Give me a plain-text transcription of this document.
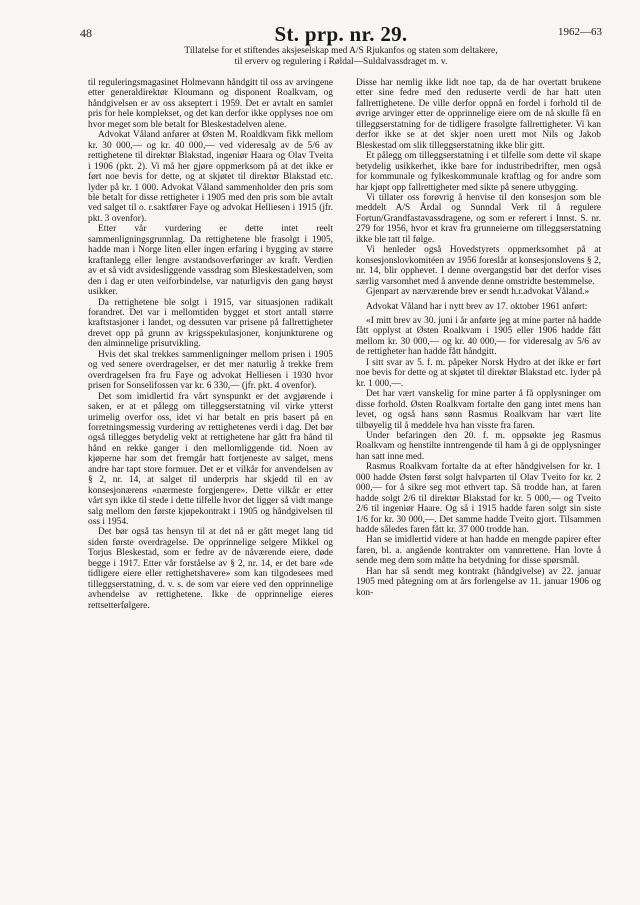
48	St. prp. nr. 29.	1962—63
Tillatelse for et stiftendes aksjeselskap med A/S Rjukanfos og staten som deltakere,
til erverv og regulering i Røldal—Suldalvassdraget m. v.

til reguleringsmagasinet Holmevann håndgitt til oss av arvingene etter generaldirektør Kloumann og disponent Roalkvam, og håndgivelsen er av oss akseptert i 1959. Det er avtalt en samlet pris for hele komplekset, og det kan derfor ikke opplyses noe om hvor meget som ble betalt for Bleskestadelven alene.

Advokat Våland anfører at Østen M. Roaldkvam fikk mellom kr. 30 000,— og kr. 40 000,— ved videresalg av de 5/6 av rettighetene til direktør Blakstad, ingeniør Haara og Olav Tveita i 1906 (pkt. 2). Vi må her gjøre oppmerksom på at det ikke er ført noe bevis for dette, og at skjøtet til direktør Blakstad etc. lyder på kr. 1 000. Advokat Våland sammenholder den pris som ble betalt for disse rettigheter i 1905 med den pris som ble avtalt ved salget til o. r.saktfører Faye og advokat Helliesen i 1915 (jfr. pkt. 3 ovenfor).

Etter vår vurdering er dette intet reelt sammenligningsgrunnlag. Da rettighetene ble frasolgt i 1905, hadde man i Norge liten eller ingen erfaring i bygging av større kraftanlegg eller lengre avstandsoverføringer av kraft. Verdien av et så vidt avsidesliggende vassdrag som Bleskestadelven, som den i dag er uten veiforbindelse, var naturligvis den gang høyst usikker.

Da rettighetene ble solgt i 1915, var situasjonen radikalt forandret. Det var i mellomtiden bygget et stort antall større kraftstasjoner i landet, og dessuten var prisene på fallrettigheter drevet opp på grunn av krigsspekulasjoner, konjunkturene og den alminnelige prisutvikling.

Hvis det skal trekkes sammenligninger mellom prisen i 1905 og ved senere overdragelser, er det mer naturlig å trekke frem overdragelsen fra fru Faye og advokat Helliesen i 1930 hvor prisen for Sonselifossen var kr. 6 330,— (jfr. pkt. 4 ovenfor).

Det som imidlertid fra vårt synspunkt er det avgjørende i saken, er at et pålegg om tilleggserstatning vil virke ytterst urimelig overfor oss, idet vi har betalt en pris basert på en forretningsmessig vurdering av rettighetenes verdi i dag. Det bør også tillegges betydelig vekt at rettighetene har gått fra hånd til hånd en rekke ganger i den mellomliggende tid. Noen av kjøperne har som det fremgår hatt fortjeneste av salget, mens andre har tapt store formuer. Det er et vilkår for anvendelsen av § 2, nr. 14, at salget til underpris har skjedd til en av konsesjonærens «nærmeste forgjengere». Dette vilkår er etter vårt syn ikke til stede i dette tilfelle hvor det ligger så vidt mange salg mellom den første kjøpekontrakt i 1905 og håndgivelsen til oss i 1954.

Det bør også tas hensyn til at det nå er gått meget lang tid siden første overdragelse. De opprinnelige selgere Mikkel og Torjus Bleskestad, som er fedre av de nåværende eiere, døde begge i 1917. Etter vår forståelse av § 2, nr. 14, er det bare «de tidligere eiere eller rettighetshavere» som kan tilgodesees med tilleggserstatning, d. v. s. de som var eiere ved den opprinnelige avhendelse av rettighetene. Ikke de opprinnelige eieres rettsetterfølgere.

Disse har nemlig ikke lidt noe tap, da de har overtatt brukene etter sine fedre med den reduserte verdi de har hatt uten fallrettighetene. De ville derfor oppnå en fordel i forhold til de øvrige arvinger etter de opprinnelige eiere om de nå skulle få en tilleggserstatning for de tidligere frasolgte fallrettigheter. Vi kan derfor ikke se at det skjer noen urett mot Nils og Jakob Bleskestad om slik tilleggserstatning ikke blir gitt.

Et pålegg om tilleggserstatning i et tilfelle som dette vil skape betydelig usikkerhet, ikke bare for industribedrifter, men også for kommunale og fylkeskommunale kraftlag og for andre som har kjøpt opp fallrettigheter med sikte på senere utbygging.

Vi tillater oss forøvrig å henvise til den konsesjon som ble meddelt A/S Årdal og Sunndal Verk til å regulere Fortun/Grandfastavassdragene, og som er referert i Innst. S. nr. 279 for 1956, hvor et krav fra grunneierne om tilleggserstatning ikke ble tatt til følge.

Vi henleder også Hovedstyrets oppmerksomhet på at konsesjonslovkomitéen av 1956 foreslår at konsesjonslovens § 2, nr. 14, blir opphevet. I denne overgangstid bør det derfor vises særlig varsomhet med å anvende denne omstridte bestemmelse.

Gjenpart av nærværende brev er sendt h.r.advokat Våland.»

Advokat Våland har i nytt brev av 17. oktober 1961 anført:

«I mitt brev av 30. juni i år anførte jeg at mine parter nå hadde fått opplyst at Østen Roalkvam i 1905 eller 1906 hadde fått mellom kr. 30 000,— og kr. 40 000,— for videresalg av 5/6 av de rettigheter han hadde fått håndgitt.

I sitt svar av 5. f. m. påpeker Norsk Hydro at det ikke er ført noe bevis for dette og at skjøtet til direktør Blakstad etc. lyder på kr. 1 000,—.

Det har vært vanskelig for mine parter å få opplysninger om disse forhold. Østen Roalkvam fortalte den gang intet mens han levet, og også hans sønn Rasmus Roalkvam har vært lite tilbøyelig til å meddele hva han visste fra faren.

Under befaringen den 20. f. m. oppsøkte jeg Rasmus Roalkvam og henstilte inntrengende til ham å gi de opplysninger han satt inne med.

Rasmus Roalkvam fortalte da at efter håndgivelsen for kr. 1 000 hadde Østen først solgt halvparten til Olav Tveito for kr. 2 000,— for å sikre seg mot ethvert tap. Så trodde han, at faren hadde solgt 2/6 til direktør Blakstad for kr. 5 000,— og Tveito 2/6 til ingeniør Haare. Og så i 1915 hadde faren solgt sin siste 1/6 for kr. 30 000,—. Det samme hadde Tveito gjort. Tilsammen hadde således faren fått kr. 37 000 trodde han.

Han se imidlertid videre at han hadde en mengde papirer efter faren, bl. a. angående kontrakter om vannrettene. Han lovte å sende meg dem som måtte ha betydning for disse spørsmål.

Han har så sendt meg kontrakt (håndgivelse) av 22. januar 1905 med påtegning om at års forlengelse av 11. januar 1906 og kon-
